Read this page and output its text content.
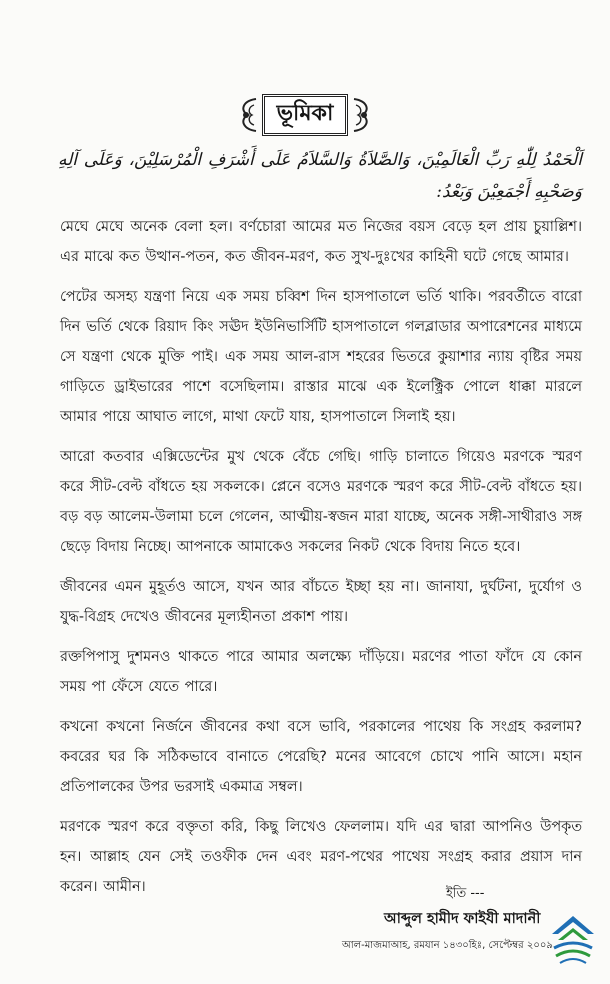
ভূমিকা
اَلْحَمْدُ لِلّٰهِ رَبِّ الْعَالَمِيْنَ، وَالصَّلاَةُ وَالسَّلاَمُ عَلَى أَشْرَفِ الْمُرْسَلِيْنَ، وَعَلَى آلِهِ وَصَحْبِهِ أَجْمَعِيْنَ وَبَعْدُ:

মেঘে মেঘে অনেক বেলা হল। বর্ণচোরা আমের মত নিজের বয়স বেড়ে হল প্রায় চুয়াল্লিশ। এর মাঝে কত উত্থান-পতন, কত জীবন-মরণ, কত সুখ-দুঃখের কাহিনী ঘটে গেছে আমার।

পেটের অসহ্য যন্ত্রণা নিয়ে এক সময় চব্বিশ দিন হাসপাতালে ভর্তি থাকি। পরবর্তীতে বারো দিন ভর্তি থেকে রিয়াদ কিং সঊদ ইউনিভার্সিটি হাসপাতালে গলব্লাডার অপারেশনের মাধ্যমে সে যন্ত্রণা থেকে মুক্তি পাই। এক সময় আল-রাস শহরের ভিতরে কুয়াশার ন্যায় বৃষ্টির সময় গাড়িতে ড্রাইভারের পাশে বসেছিলাম। রাস্তার মাঝে এক ইলেক্ট্রিক পোলে ধাক্কা মারলে আমার পায়ে আঘাত লাগে, মাথা ফেটে যায়, হাসপাতালে সিলাই হয়।

আরো কতবার এক্সিডেন্টের মুখ থেকে বেঁচে গেছি। গাড়ি চালাতে গিয়েও মরণকে স্মরণ করে সীট-বেল্ট বাঁধতে হয় সকলকে। প্লেনে বসেও মরণকে স্মরণ করে সীট-বেল্ট বাঁধতে হয়। বড় বড় আলেম-উলামা চলে গেলেন, আত্মীয়-স্বজন মারা যাচ্ছে, অনেক সঙ্গী-সাথীরাও সঙ্গ ছেড়ে বিদায় নিচ্ছে। আপনাকে আমাকেও সকলের নিকট থেকে বিদায় নিতে হবে।

জীবনের এমন মুহূর্তও আসে, যখন আর বাঁচতে ইচ্ছা হয় না। জানাযা, দুর্ঘটনা, দুর্যোগ ও যুদ্ধ-বিগ্রহ দেখেও জীবনের মূল্যহীনতা প্রকাশ পায়।

রক্তপিপাসু দুশমনও থাকতে পারে আমার অলক্ষ্যে দাঁড়িয়ে। মরণের পাতা ফাঁদে যে কোন সময় পা ফেঁসে যেতে পারে।

কখনো কখনো নির্জনে জীবনের কথা বসে ভাবি, পরকালের পাথেয় কি সংগ্রহ করলাম? কবরের ঘর কি সঠিকভাবে বানাতে পেরেছি? মনের আবেগে চোখে পানি আসে। মহান প্রতিপালকের উপর ভরসাই একমাত্র সম্বল।

মরণকে স্মরণ করে বক্তৃতা করি, কিছু লিখেও ফেললাম। যদি এর দ্বারা আপনিও উপকৃত হন। আল্লাহ যেন সেই তওফীক দেন এবং মরণ-পথের পাথেয় সংগ্রহ করার প্রয়াস দান করেন। আমীন।	ইতি ---
আব্দুল হামীদ ফাইযী মাদানী
আল-মাজমাআহ, রমযান ১৪৩০হিঃ, সেপ্টেম্বর ২০০৯
